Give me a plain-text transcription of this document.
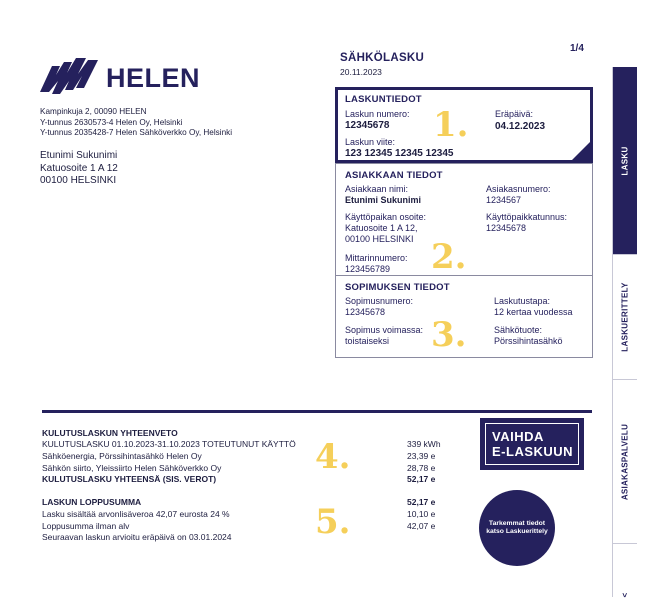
1/4
HELEN
Kampinkuja 2, 00090 HELEN
Y-tunnus 2630573-4 Helen Oy, Helsinki
Y-tunnus 2035428-7 Helen Sähköverkko Oy, Helsinki
Etunimi Sukunimi
Katuosoite 1 A 12
00100 HELSINKI
SÄHKÖLASKU
20.11.2023
LASKUNTIEDOT
Laskun numero:
12345678 1.	Eräpäivä:
04.12.2023
Laskun viite:
123 12345 12345 12345
ASIAKKAAN TIEDOT
Asiakkaan nimi:
Etunimi Sukunimi
Asiakasnumero:
1234567
Käyttöpaikan osoite:
Katuosoite 1 A 12,
00100 HELSINKI
Käyttöpaikkatunnus:
12345678
Mittarinnumero:
123456789 2.
SOPIMUKSEN TIEDOT
Sopimusnumero:
12345678
Laskutustapa:
12 kertaa vuodessa
Sopimus voimassa:
toistaiseksi
Sähkötuote:
Pörssihintasähkö
3.
LASKU
LASKUERITTELY
ASIAKASPALVELU
<
KULUTUSLASKUN YHTEENVETO
KULUTUSLASKU 01.10.2023-31.10.2023 TOTEUTUNUT KÄYTTÖ
Sähköenergia, Pörssihintasähkö Helen Oy
Sähkön siirto, Yleissiirto Helen Sähköverkko Oy
KULUTUSLASKU YHTEENSÄ (SIS. VEROT)
339 kWh
23,39 e
28,78 e
52,17 e
4.
LASKUN LOPPUSUMMA
Lasku sisältää arvonlisäveroa 42,07 eurosta 24 %
Loppusumma ilman alv
Seuraavan laskun arvioitu eräpäivä on 03.01.2024
52,17 e
10,10 e
42,07 e
5.
VAIHDA
E-LASKUUN
Tarkemmat tiedot katso Laskuerittely
